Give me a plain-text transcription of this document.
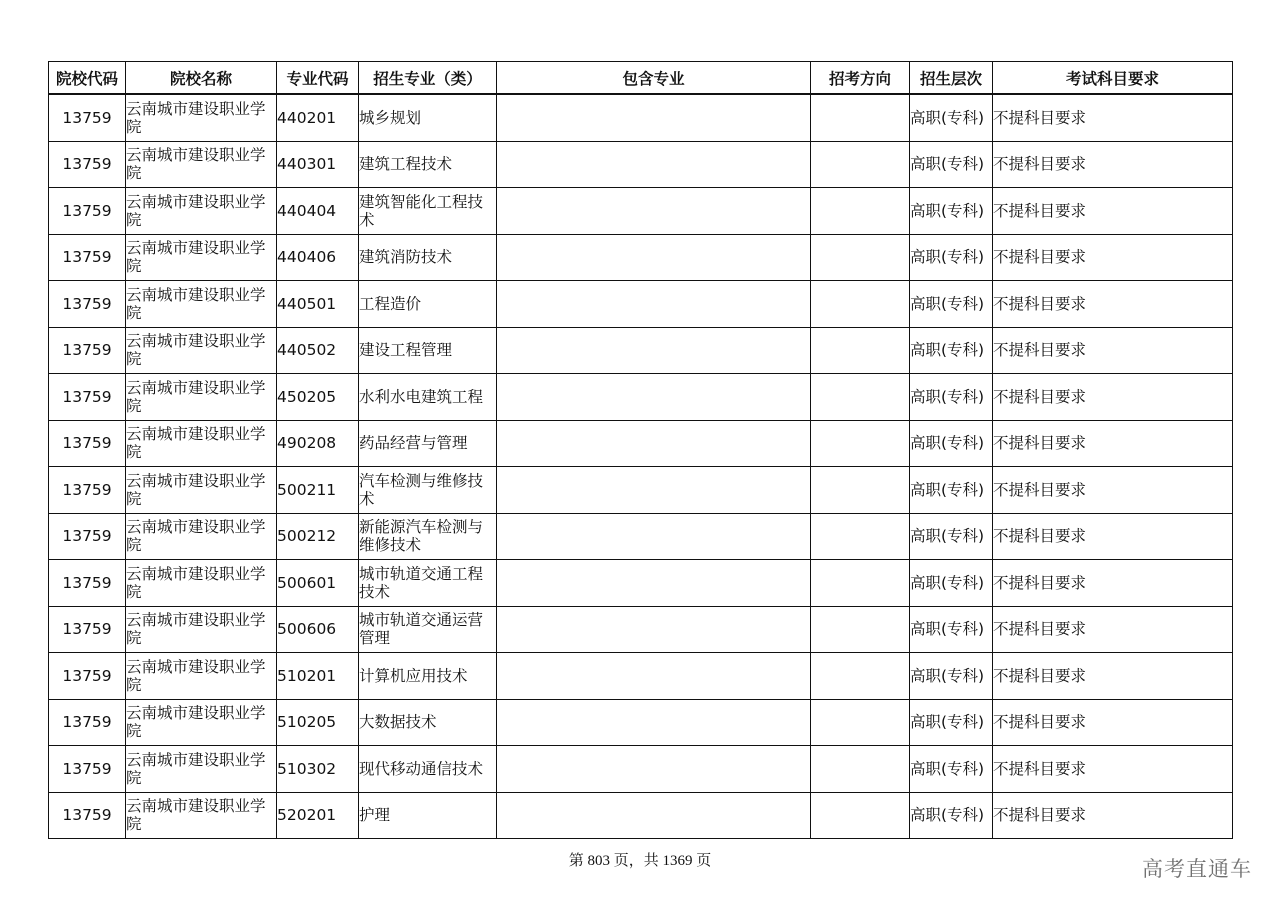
院校代码	院校名称	专业代码	招生专业（类）	包含专业	招考方向	招生层次	考试科目要求
13759	云南城市建设职业学院	440201	城乡规划			高职(专科)	不提科目要求
13759	云南城市建设职业学院	440301	建筑工程技术			高职(专科)	不提科目要求
13759	云南城市建设职业学院	440404	建筑智能化工程技术			高职(专科)	不提科目要求
13759	云南城市建设职业学院	440406	建筑消防技术			高职(专科)	不提科目要求
13759	云南城市建设职业学院	440501	工程造价			高职(专科)	不提科目要求
13759	云南城市建设职业学院	440502	建设工程管理			高职(专科)	不提科目要求
13759	云南城市建设职业学院	450205	水利水电建筑工程			高职(专科)	不提科目要求
13759	云南城市建设职业学院	490208	药品经营与管理			高职(专科)	不提科目要求
13759	云南城市建设职业学院	500211	汽车检测与维修技术			高职(专科)	不提科目要求
13759	云南城市建设职业学院	500212	新能源汽车检测与维修技术			高职(专科)	不提科目要求
13759	云南城市建设职业学院	500601	城市轨道交通工程技术			高职(专科)	不提科目要求
13759	云南城市建设职业学院	500606	城市轨道交通运营管理			高职(专科)	不提科目要求
13759	云南城市建设职业学院	510201	计算机应用技术			高职(专科)	不提科目要求
13759	云南城市建设职业学院	510205	大数据技术			高职(专科)	不提科目要求
13759	云南城市建设职业学院	510302	现代移动通信技术			高职(专科)	不提科目要求
13759	云南城市建设职业学院	520201	护理			高职(专科)	不提科目要求
第 803 页，共 1369 页	高考直通车
